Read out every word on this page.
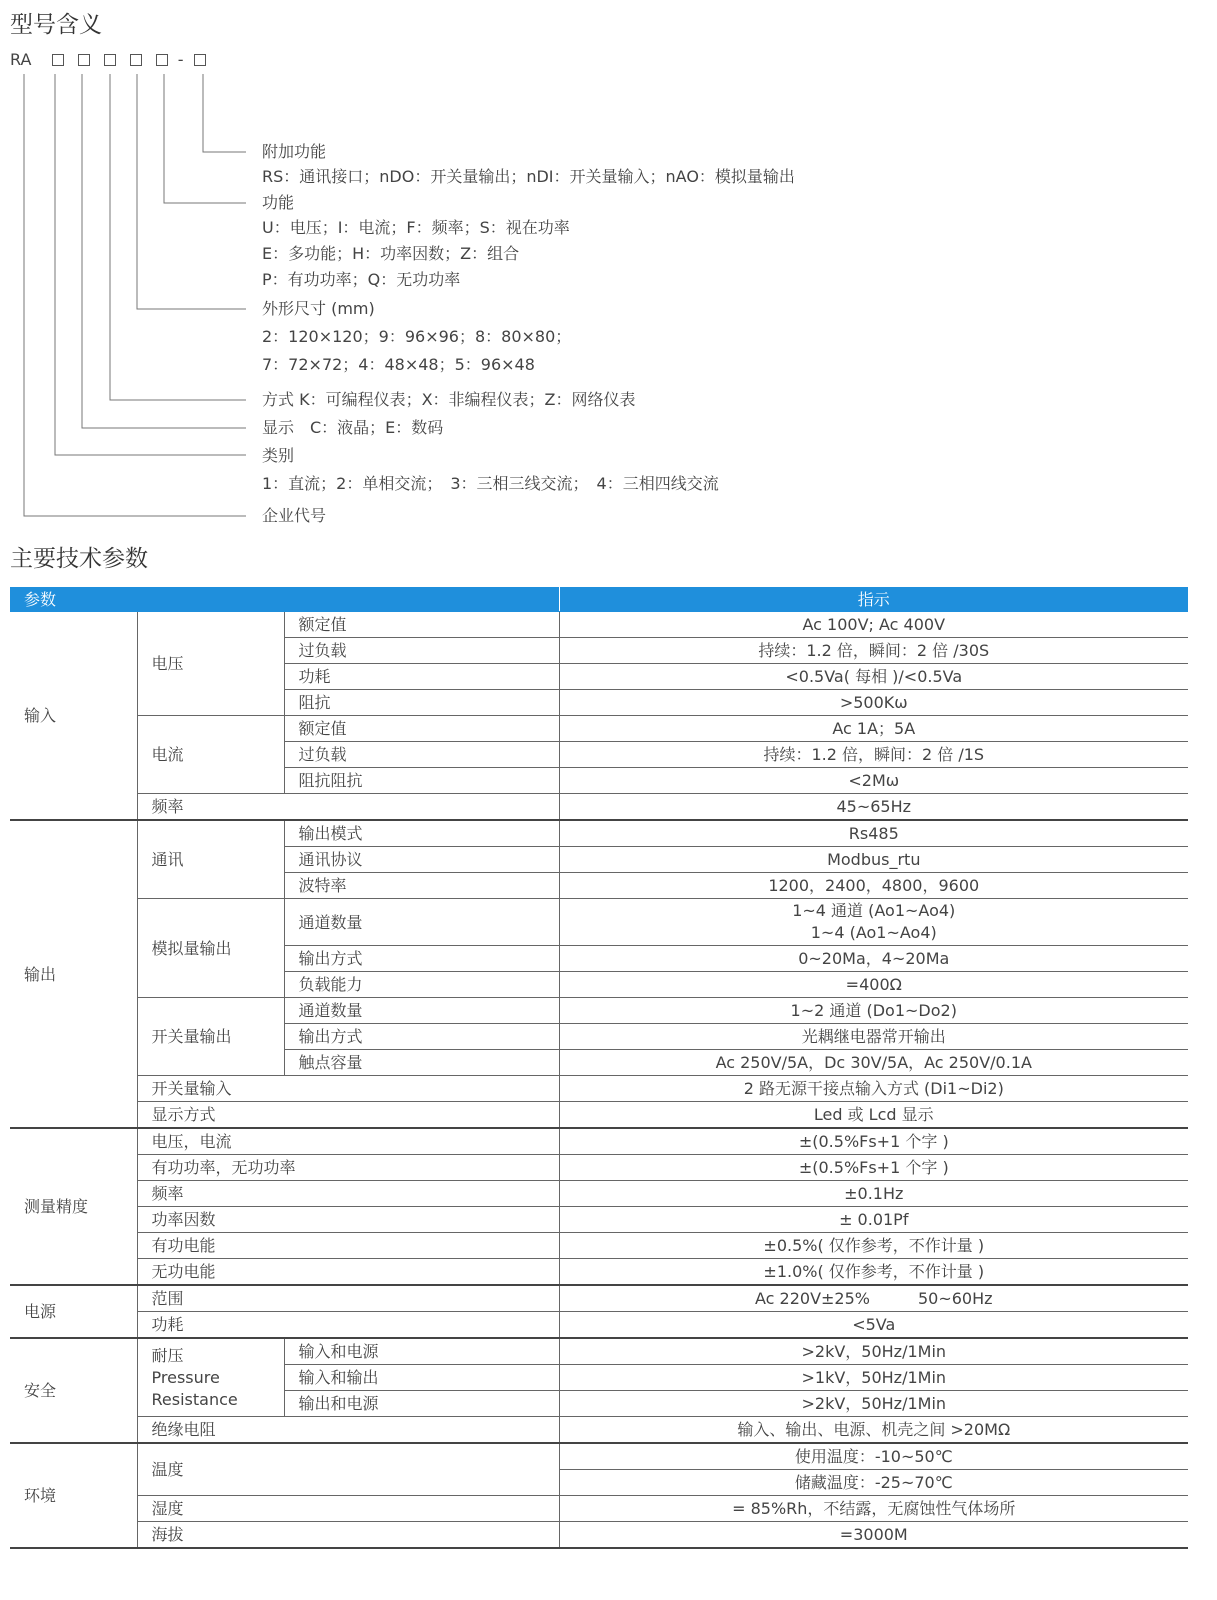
型号含义
RA	-
附加功能
RS：通讯接口；nDO：开关量输出；nDI：开关量输入；nAO：模拟量输出
功能
U：电压；I：电流；F：频率；S：视在功率
E：多功能；H：功率因数；Z：组合
P：有功功率；Q：无功功率
外形尺寸 (mm)
2：120×120；9：96×96；8：80×80；
7：72×72；4：48×48；5：96×48
方式 K：可编程仪表；X：非编程仪表；Z：网络仪表
显示　C：液晶；E：数码
类别
1：直流；2：单相交流；　3：三相三线交流；　4：三相四线交流
企业代号
主要技术参数
参数			指示
输入	电压	额定值	Ac 100V; Ac 400V
		过负载	持续：1.2 倍，瞬间：2 倍 /30S
		功耗	<0.5Va( 每相 )/<0.5Va
		阻抗	>500Kω
	电流	额定值	Ac 1A；5A
		过负载	持续：1.2 倍，瞬间：2 倍 /1S
		阻抗阻抗	<2Mω
	频率		45~65Hz
输出	通讯	输出模式	Rs485
		通讯协议	Modbus_rtu
		波特率	1200，2400，4800，9600
	模拟量输出	通道数量	1~4 通道 (Ao1~Ao4)
1~4 (Ao1~Ao4)

		输出方式	0~20Ma，4~20Ma
		负载能力	=400Ω
	开关量输出	通道数量	1~2 通道 (Do1~Do2)
		输出方式	光耦继电器常开输出
		触点容量	Ac 250V/5A，Dc 30V/5A，Ac 250V/0.1A
	开关量输入		2 路无源干接点输入方式 (Di1~Di2)
	显示方式		Led 或 Lcd 显示
测量精度	电压，电流		±(0.5%Fs+1 个字 )
	有功功率，无功功率		±(0.5%Fs+1 个字 )
	频率		±0.1Hz
	功率因数		± 0.01Pf
	有功电能		±0.5%( 仅作参考，不作计量 )
	无功电能		±1.0%( 仅作参考，不作计量 )
电源	范围		Ac 220V±25%　　　50~60Hz
	功耗		<5Va
安全	耐压
Pressure
Resistance	输入和电源	>2kV，50Hz/1Min
		输入和输出	>1kV，50Hz/1Min
		输出和电源	>2kV，50Hz/1Min
	绝缘电阻		输入、输出、电源、机壳之间 >20MΩ
环境	温度		使用温度：-10~50℃
			储藏温度：-25~70℃
	湿度		= 85%Rh，不结露，无腐蚀性气体场所
	海拔		=3000M
